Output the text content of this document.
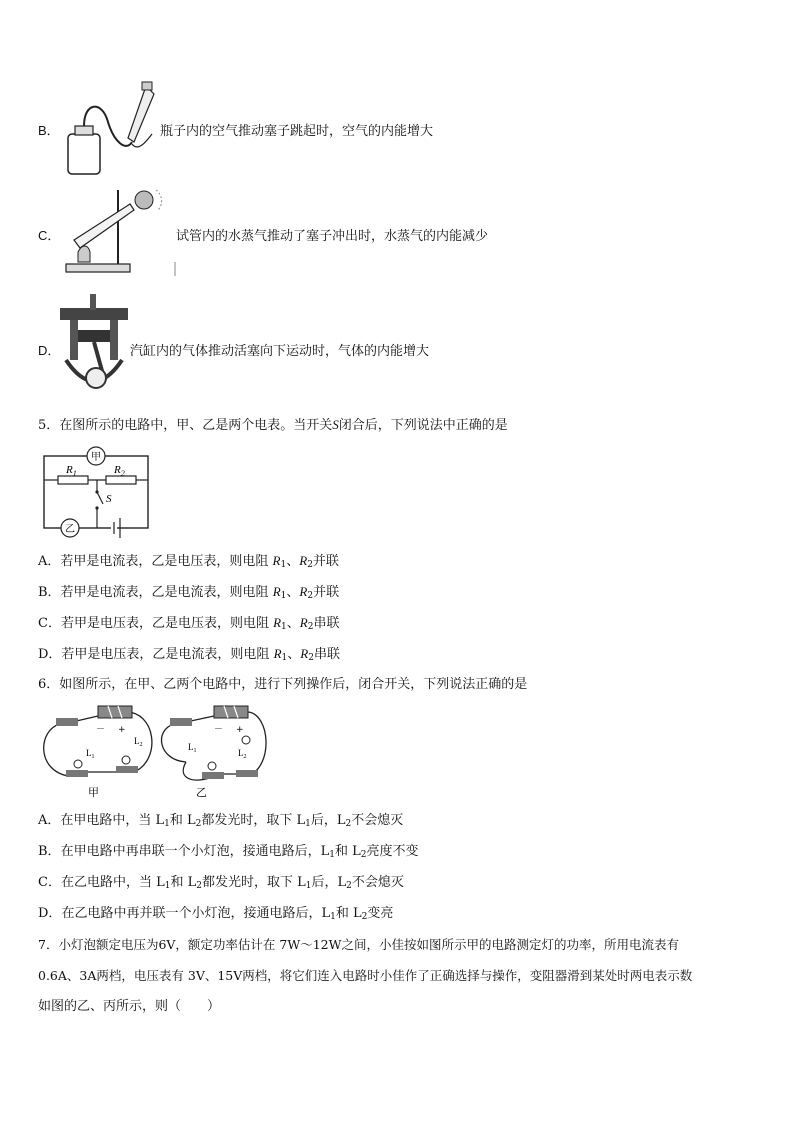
B．	瓶子内的空气推动塞子跳起时，空气的内能增大
C．	试管内的水蒸气推动了塞子冲出时，水蒸气的内能减少
D．	汽缸内的气体推动活塞向下运动时，气体的内能增大
5．在图所示的电路中，甲、乙是两个电表。当开关S闭合后，下列说法中正确的是
甲
乙
$R_1$	$R_2$
S
A．若甲是电流表，乙是电压表，则电阻 $R_1$、$R_2$并联
B．若甲是电流表，乙是电流表，则电阻 $R_1$、$R_2$并联
C．若甲是电压表，乙是电压表，则电阻 $R_1$、$R_2$串联
D．若甲是电压表，乙是电流表，则电阻 $R_1$、$R_2$串联
6．如图所示，在甲、乙两个电路中，进行下列操作后，闭合开关，下列说法正确的是
－ +
$L_1$
$L_2$
甲
－ +
$L_1$	$L_2$
乙
A．在甲电路中，当 $L_1$和 $L_2$都发光时，取下 $L_1$后，$L_2$不会熄灭
B．在甲电路中再串联一个小灯泡，接通电路后，$L_1$和 $L_2$亮度不变
C．在乙电路中，当 $L_1$和 $L_2$都发光时，取下 $L_1$后，$L_2$不会熄灭
D．在乙电路中再并联一个小灯泡，接通电路后，$L_1$和 $L_2$变亮
7．小灯泡额定电压为6V，额定功率估计在 7W～12W之间，小佳按如图所示甲的电路测定灯的功率，所用电流表有
0.6A、3A两档，电压表有 3V、15V两档，将它们连入电路时小佳作了正确选择与操作，变阻器滑到某处时两电表示数
如图的乙、丙所示，则（　　）
